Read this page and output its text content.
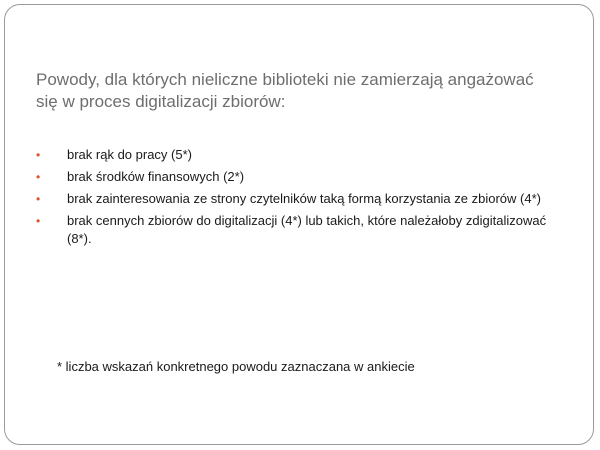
Powody, dla których nieliczne biblioteki nie zamierzają angażować się w proces digitalizacji zbiorów:
•	brak rąk do pracy (5*)
•	brak środków finansowych (2*)
•	brak zainteresowania ze strony czytelników taką formą korzystania ze zbiorów (4*)
•	brak cennych zbiorów do digitalizacji (4*) lub takich, które należałoby zdigitalizować (8*).

* liczba wskazań konkretnego powodu zaznaczana w ankiecie
